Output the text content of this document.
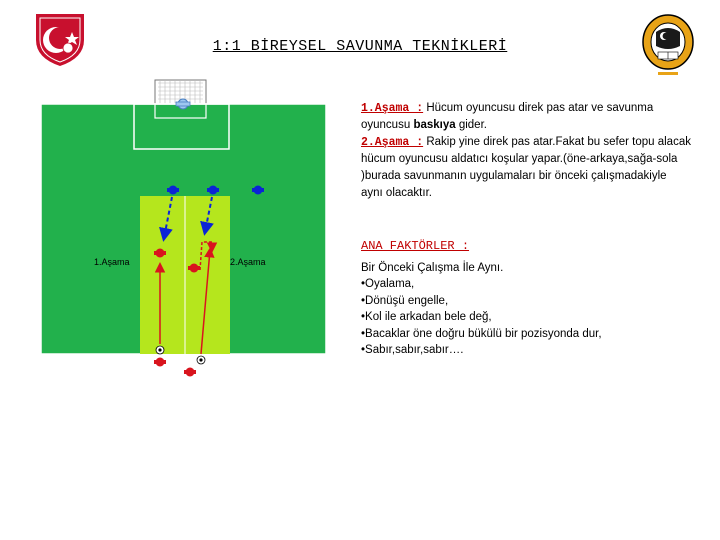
1:1 BİREYSEL SAVUNMA TEKNİKLERİ
1.Aşama	2.Aşama

1.Aşama : Hücum oyuncusu direk pas atar ve savunma oyuncusu baskıya gider.

2.Aşama : Rakip yine direk pas atar.Fakat bu sefer topu alacak hücum oyuncusu aldatıcı koşular yapar.(öne-arkaya,sağa-sola )burada savunmanın uygulamaları bir önceki çalışmadakiyle aynı olacaktır.

ANA FAKTÖRLER :
Bir Önceki Çalışma İle Aynı.
•Oyalama,
•Dönüşü engelle,
•Kol ile arkadan bele değ,
•Bacaklar öne doğru bükülü bir pozisyonda dur,
•Sabır,sabır,sabır….
